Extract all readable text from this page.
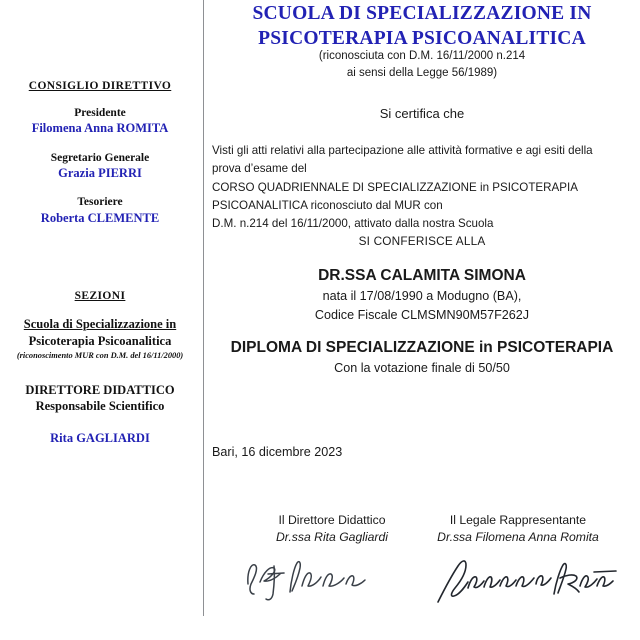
CONSIGLIO DIRETTIVO
Presidente
Filomena Anna ROMITA
Segretario Generale
Grazia PIERRI
Tesoriere
Roberta CLEMENTE
SEZIONI
Scuola di Specializzazione in
Psicoterapia Psicoanalitica
(riconoscimento MUR con D.M. del 16/11/2000)
DIRETTORE DIDATTICO
Responsabile Scientifico
Rita GAGLIARDI
SCUOLA DI SPECIALIZZAZIONE IN
PSICOTERAPIA PSICOANALITICA
(riconosciuta con D.M. 16/11/2000 n.214
ai sensi della Legge 56/1989)
Si certifica che
Visti gli atti relativi alla partecipazione alle attività formative e agi esiti della
prova d’esame del
CORSO QUADRIENNALE DI SPECIALIZZAZIONE in PSICOTERAPIA
PSICOANALITICA riconosciuto dal MUR con
D.M. n.214 del 16/11/2000, attivato dalla nostra Scuola
SI CONFERISCE ALLA
DR.SSA CALAMITA SIMONA
nata il 17/08/1990 a Modugno (BA),
Codice Fiscale CLMSMN90M57F262J
DIPLOMA DI SPECIALIZZAZIONE in PSICOTERAPIA
Con la votazione finale di 50/50
Bari, 16 dicembre 2023
Il Direttore Didattico
Dr.ssa Rita Gagliardi
Il Legale Rappresentante
Dr.ssa Filomena Anna Romita
